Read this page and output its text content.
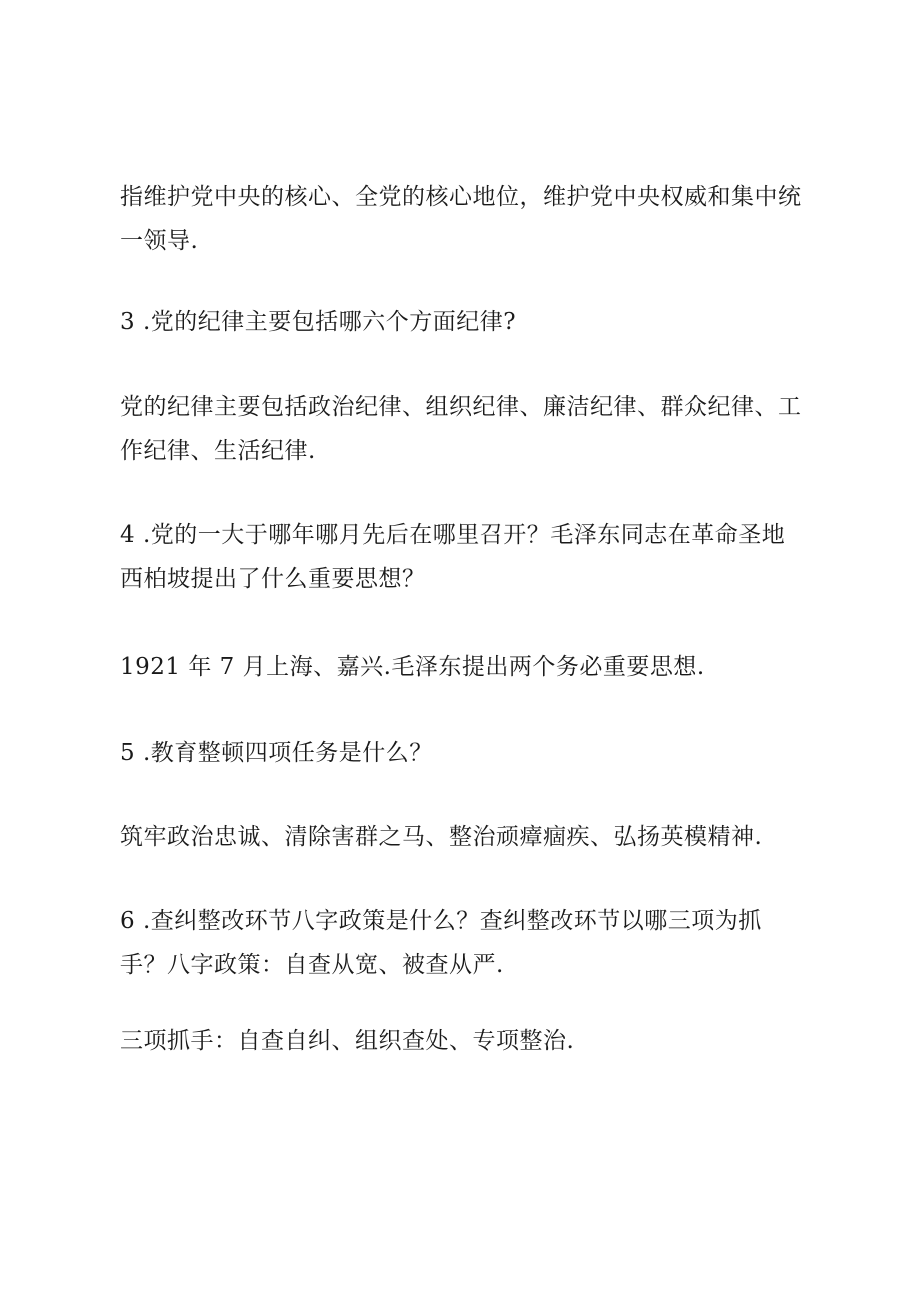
指维护党中央的核心、全党的核心地位，维护党中央权威和集中统

一领导.

3 .党的纪律主要包括哪六个方面纪律?

党的纪律主要包括政治纪律、组织纪律、廉洁纪律、群众纪律、工

作纪律、生活纪律.

4 .党的一大于哪年哪月先后在哪里召开？毛泽东同志在革命圣地

西柏坡提出了什么重要思想？

1921 年 7 月上海、嘉兴.毛泽东提出两个务必重要思想.

5 .教育整顿四项任务是什么？

筑牢政治忠诚、清除害群之马、整治顽瘴痼疾、弘扬英模精神.

6 .查纠整改环节八字政策是什么？查纠整改环节以哪三项为抓

手？八字政策：自查从宽、被查从严.

三项抓手：自查自纠、组织查处、专项整治.
